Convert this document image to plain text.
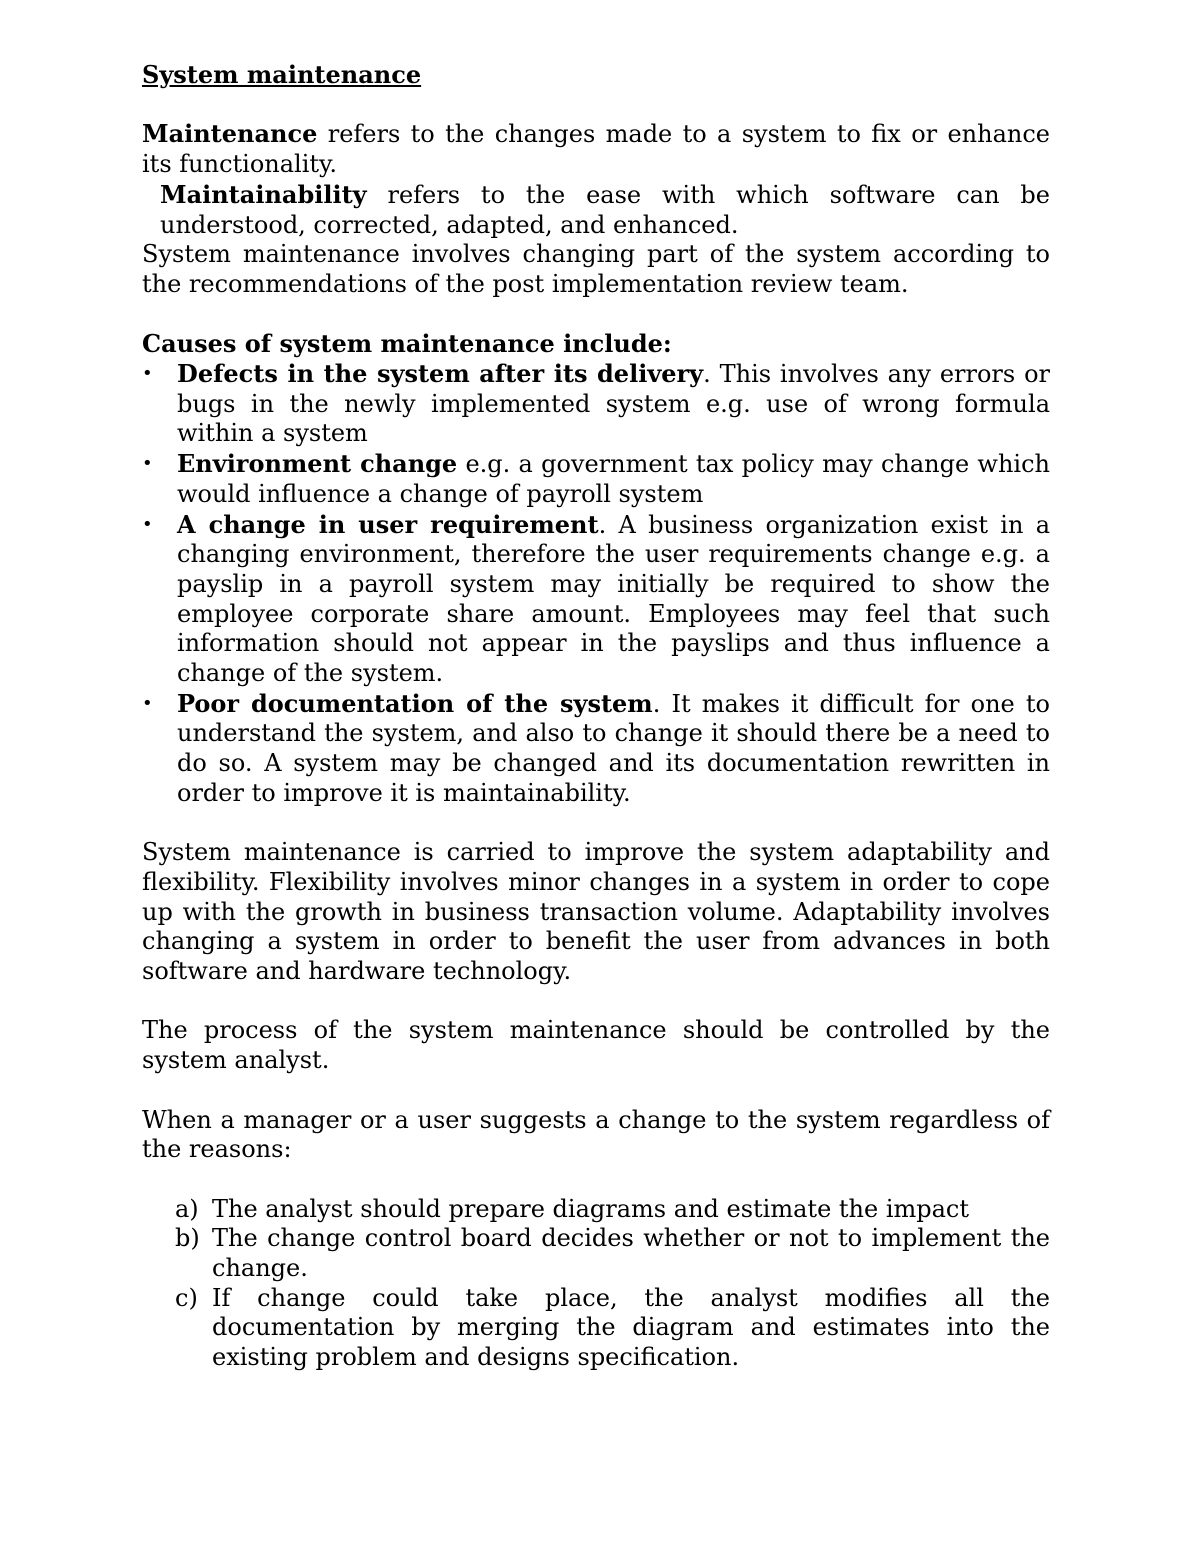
System maintenance

Maintenance refers to the changes made to a system to fix or enhance its functionality.

Maintainability refers to the ease with which software can be understood, corrected, adapted, and enhanced.

System maintenance involves changing part of the system according to the recommendations of the post implementation review team.

Causes of system maintenance include:

•	Defects in the system after its delivery. This involves any errors or bugs in the newly implemented system e.g. use of wrong formula within a system
•	Environment change e.g. a government tax policy may change which would influence a change of payroll system
•	A change in user requirement. A business organization exist in a changing environment, therefore the user requirements change e.g. a payslip in a payroll system may initially be required to show the employee corporate share amount. Employees may feel that such information should not appear in the payslips and thus influence a change of the system.
•	Poor documentation of the system. It makes it difficult for one to understand the system, and also to change it should there be a need to do so. A system may be changed and its documentation rewritten in order to improve it is maintainability.

System maintenance is carried to improve the system adaptability and flexibility. Flexibility involves minor changes in a system in order to cope up with the growth in business transaction volume. Adaptability involves changing a system in order to benefit the user from advances in both software and hardware technology.

The process of the system maintenance should be controlled by the system analyst.

When a manager or a user suggests a change to the system regardless of the reasons:

a) The analyst should prepare diagrams and estimate the impact
b) The change control board decides whether or not to implement the change.
c) If change could take place, the analyst modifies all the documentation by merging the diagram and estimates into the existing problem and designs specification.
